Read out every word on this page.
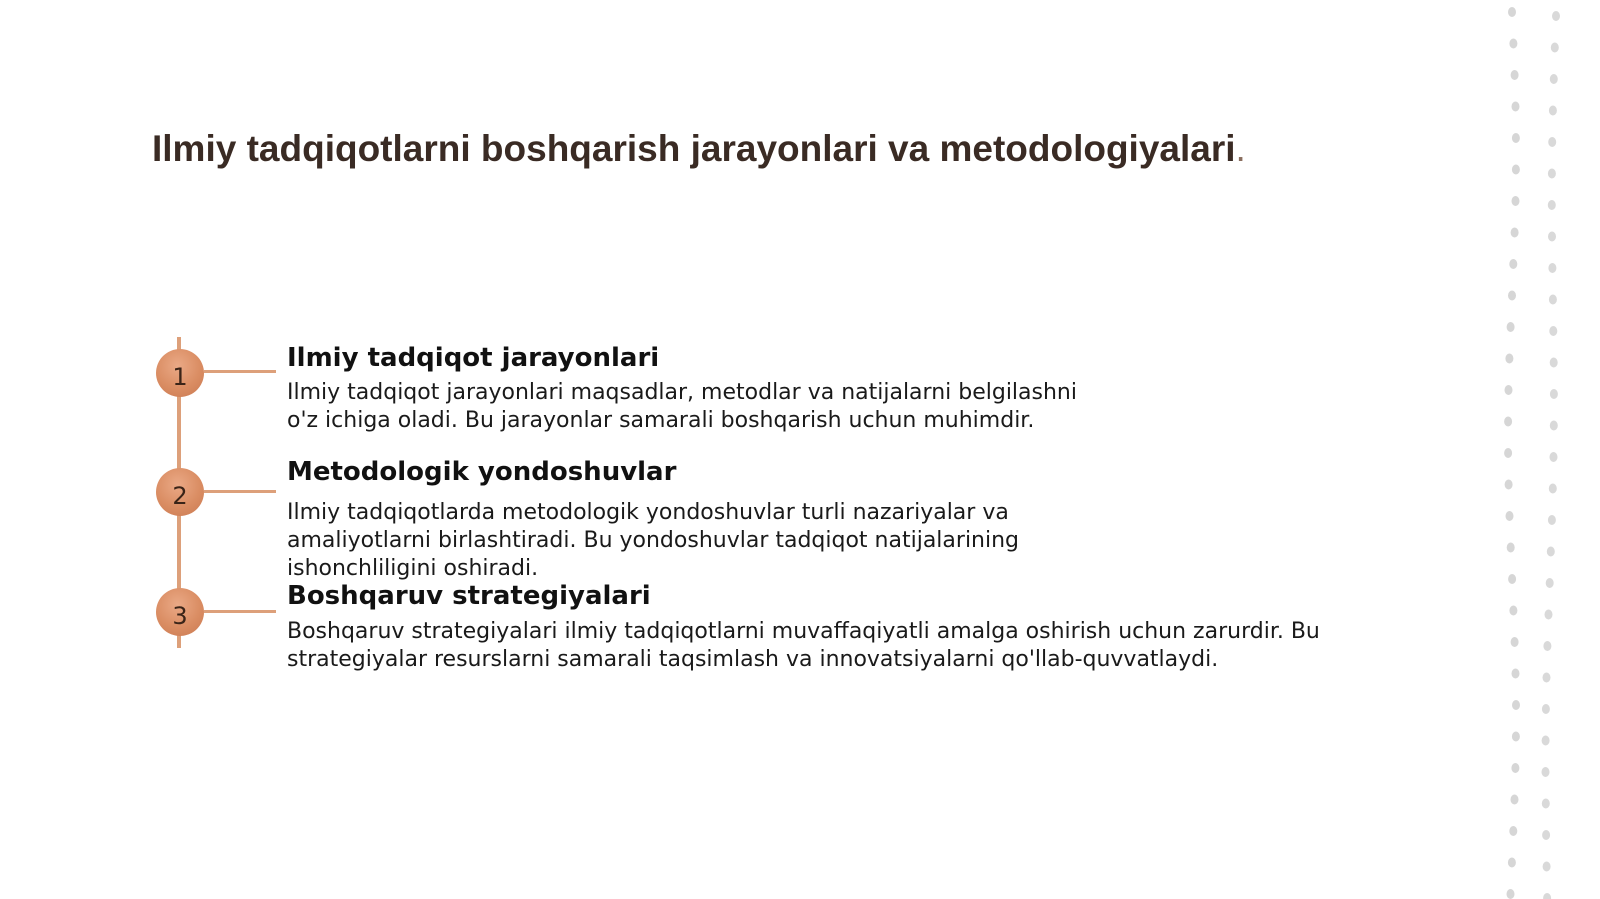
Ilmiy tadqiqotlarni boshqarish jarayonlari va metodologiyalari.
1
Ilmiy tadqiqot jarayonlari

Ilmiy tadqiqot jarayonlari maqsadlar, metodlar va natijalarni belgilashni o'z ichiga oladi. Bu jarayonlar samarali boshqarish uchun muhimdir.

2
Metodologik yondoshuvlar

Ilmiy tadqiqotlarda metodologik yondoshuvlar turli nazariyalar va amaliyotlarni birlashtiradi. Bu yondoshuvlar tadqiqot natijalarining ishonchliligini oshiradi.

3
Boshqaruv strategiyalari

Boshqaruv strategiyalari ilmiy tadqiqotlarni muvaffaqiyatli amalga oshirish uchun zarurdir. Bu strategiyalar resurslarni samarali taqsimlash va innovatsiyalarni qo'llab-quvvatlaydi.
